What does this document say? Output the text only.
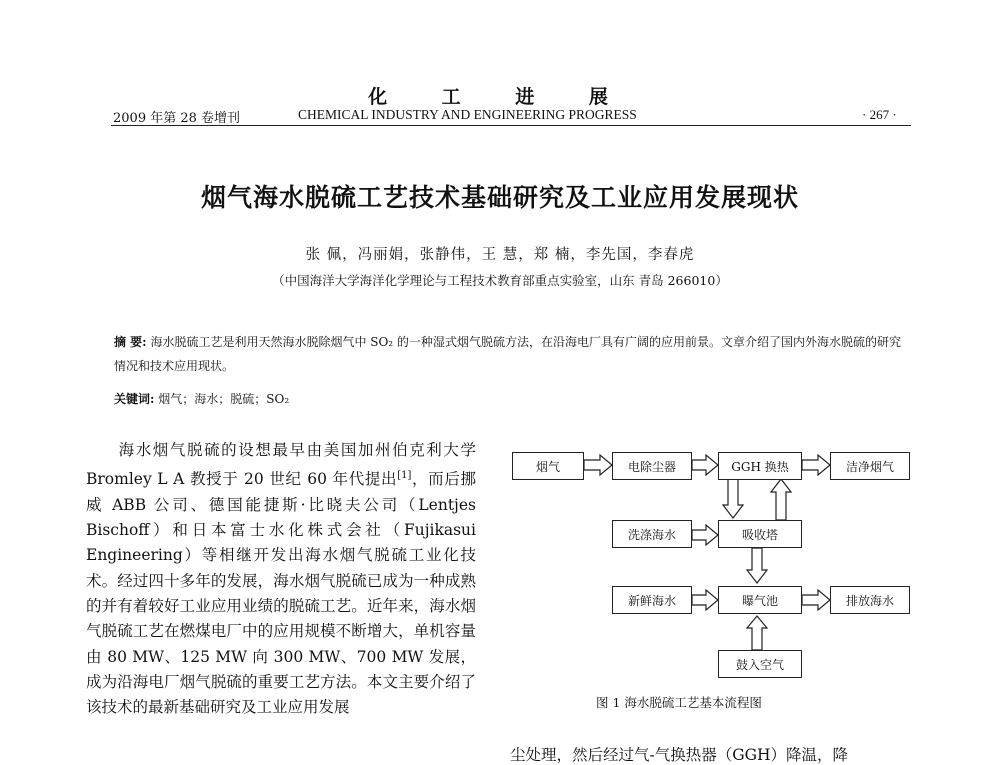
化 工 进 展
2009 年第 28 卷增刊	CHEMICAL INDUSTRY AND ENGINEERING PROGRESS	· 267 ·
烟气海水脱硫工艺技术基础研究及工业应用发展现状
张 佩，冯丽娟，张静伟，王 慧，郑 楠，李先国，李春虎
（中国海洋大学海洋化学理论与工程技术教育部重点实验室，山东 青岛 266010）
摘 要: 海水脱硫工艺是利用天然海水脱除烟气中 SO₂ 的一种湿式烟气脱硫方法，在沿海电厂具有广阔的应用前景。文章介绍了国内外海水脱硫的研究情况和技术应用现状。
关键词: 烟气；海水；脱硫；SO₂
海水烟气脱硫的设想最早由美国加州伯克利大学 Bromley L A 教授于 20 世纪 60 年代提出[1]，而后挪威 ABB 公司、德国能捷斯·比晓夫公司（Lentjes Bischoff）和日本富士水化株式会社（Fujikasui Engineering）等相继开发出海水烟气脱硫工业化技术。经过四十多年的发展，海水烟气脱硫已成为一种成熟的并有着较好工业应用业绩的脱硫工艺。近年来，海水烟气脱硫工艺在燃煤电厂中的应用规模不断增大，单机容量由 80 MW、125 MW 向 300 MW、700 MW 发展，成为沿海电厂烟气脱硫的重要工艺方法。本文主要介绍了该技术的最新基础研究及工业应用发展
烟气	电除尘器	GGH 换热	洁净烟气
洗涤海水	吸收塔
新鲜海水	曝气池	排放海水
鼓入空气
图 1 海水脱硫工艺基本流程图
尘处理，然后经过气-气换热器（GGH）降温，降
